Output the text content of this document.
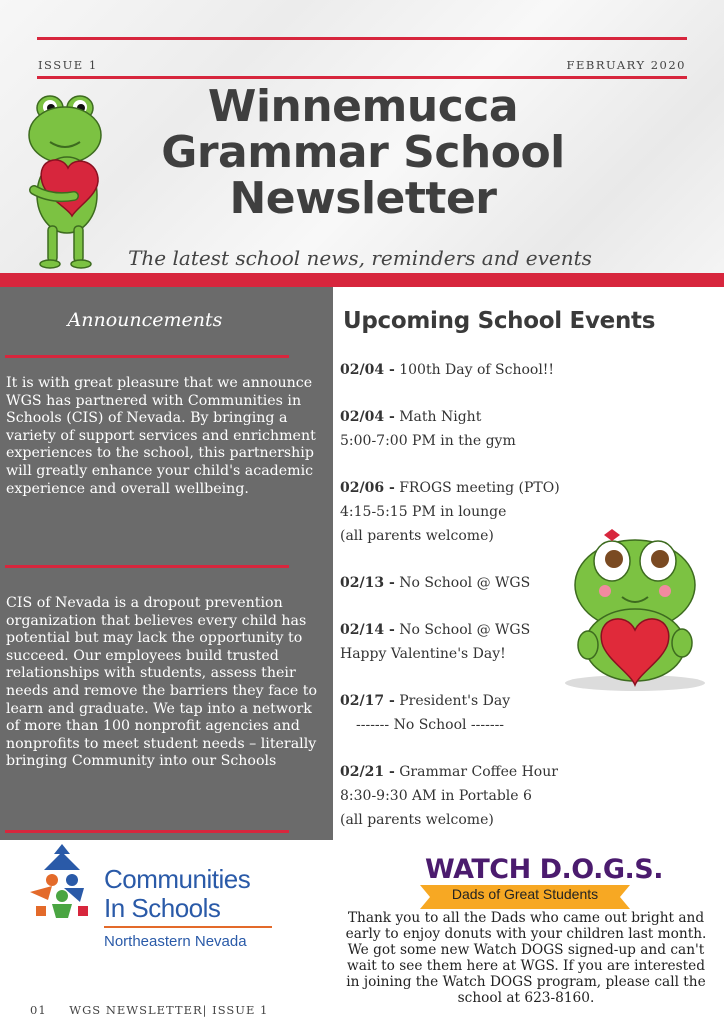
ISSUE 1	FEBRUARY 2020
Winnemucca
Grammar School
Newsletter
The latest school news, reminders and events
Announcements
It is with great pleasure that we announce WGS has partnered with Communities in Schools (CIS) of Nevada. By bringing a variety of support services and enrichment experiences to the school, this partnership will greatly enhance your child's academic experience and overall wellbeing.
CIS of Nevada is a dropout prevention organization that believes every child has potential but may lack the opportunity to succeed. Our employees build trusted relationships with students, assess their needs and remove the barriers they face to learn and graduate. We tap into a network of more than 100 nonprofit agencies and nonprofits to meet student needs – literally bringing Community into our Schools
Upcoming School Events
02/04 - 100th Day of School!!
02/04 - Math Night
5:00-7:00 PM in the gym
02/06 - FROGS meeting (PTO)
4:15-5:15 PM in lounge
(all parents welcome)
02/13 - No School @ WGS
02/14 - No School @ WGS
Happy Valentine's Day!
02/17 - President's Day
------- No School -------
02/21 - Grammar Coffee Hour
8:30-9:30 AM in Portable 6
(all parents welcome)
Communities
In Schools
Northeastern Nevada
01 WGS NEWSLETTER| ISSUE 1
WATCH D.O.G.S.
Dads of Great Students
Thank you to all the Dads who came out bright and early to enjoy donuts with your children last month. We got some new Watch DOGS signed-up and can't wait to see them here at WGS. If you are interested in joining the Watch DOGS program, please call the school at 623-8160.
